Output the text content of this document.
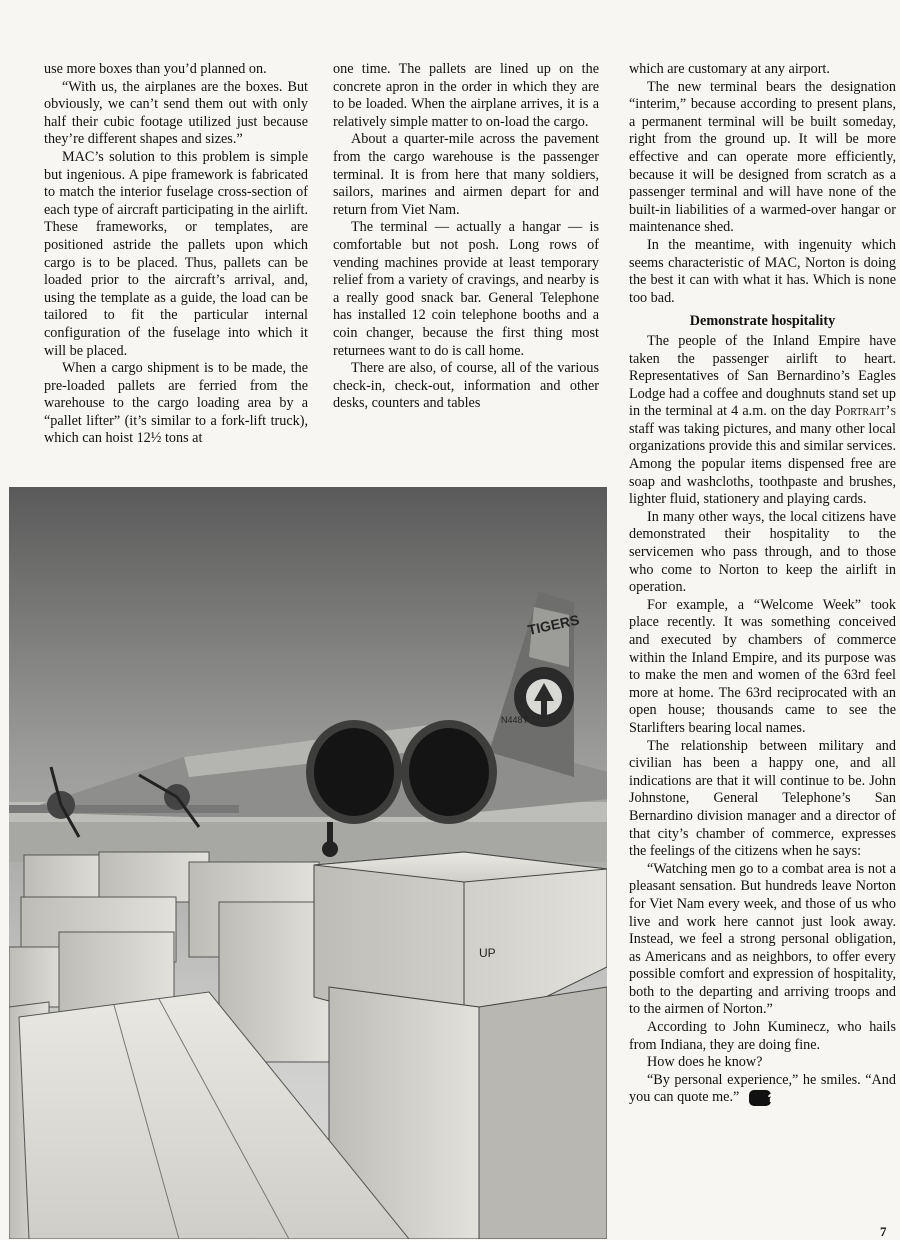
use more boxes than you’d planned on.

“With us, the airplanes are the boxes. But obviously, we can’t send them out with only half their cubic footage utilized just because they’re different shapes and sizes.”

MAC’s solution to this problem is simple but ingenious. A pipe framework is fabricated to match the interior fuselage cross-section of each type of aircraft participating in the airlift. These frameworks, or templates, are positioned astride the pallets upon which cargo is to be placed. Thus, pallets can be loaded prior to the aircraft’s arrival, and, using the template as a guide, the load can be tailored to fit the particular internal configuration of the fuselage into which it will be placed.

When a cargo shipment is to be made, the pre-loaded pallets are ferried from the warehouse to the cargo loading area by a “pallet lifter” (it’s similar to a fork-lift truck), which can hoist 12½ tons at

one time. The pallets are lined up on the concrete apron in the order in which they are to be loaded. When the airplane arrives, it is a relatively simple matter to on-load the cargo.

About a quarter-mile across the pavement from the cargo warehouse is the passenger terminal. It is from here that many soldiers, sailors, marines and airmen depart for and return from Viet Nam.

The terminal — actually a hangar — is comfortable but not posh. Long rows of vending machines provide at least temporary relief from a variety of cravings, and nearby is a really good snack bar. General Telephone has installed 12 coin telephone booths and a coin changer, because the first thing most returnees want to do is call home.

There are also, of course, all of the various check-in, check-out, information and other desks, counters and tables

which are customary at any airport.

The new terminal bears the designation “interim,” because according to present plans, a permanent terminal will be built someday, right from the ground up. It will be more effective and can operate more efficiently, because it will be designed from scratch as a passenger terminal and will have none of the built-in liabilities of a warmed-over hangar or maintenance shed.

In the meantime, with ingenuity which seems characteristic of MAC, Norton is doing the best it can with what it has. Which is none too bad.

Demonstrate hospitality

The people of the Inland Empire have taken the passenger airlift to heart. Representatives of San Bernardino’s Eagles Lodge had a coffee and doughnuts stand set up in the terminal at 4 a.m. on the day Portrait’s staff was taking pictures, and many other local organizations provide this and similar services. Among the popular items dispensed free are soap and washcloths, toothpaste and brushes, lighter fluid, stationery and playing cards.

In many other ways, the local citizens have demonstrated their hospitality to the servicemen who pass through, and to those who come to Norton to keep the airlift in operation.

For example, a “Welcome Week” took place recently. It was something conceived and executed by chambers of commerce within the Inland Empire, and its purpose was to make the men and women of the 63rd feel more at home. The 63rd reciprocated with an open house; thousands came to see the Starlifters bearing local names.

The relationship between military and civilian has been a happy one, and all indications are that it will continue to be. John Johnstone, General Telephone’s San Bernardino division manager and a director of that city’s chamber of commerce, expresses the feelings of the citizens when he says:

“Watching men go to a combat area is not a pleasant sensation. But hundreds leave Norton for Viet Nam every week, and those of us who live and work here cannot just look away. Instead, we feel a strong personal obligation, as Americans and as neighbors, to offer every possible comfort and expression of hospitality, both to the departing and arriving troops and to the airmen of Norton.”

According to John Kuminecz, who hails from Indiana, they are doing fine.

How does he know?

“By personal experience,” he smiles. “And you can quote me.” ☎

TIGERS
N448T
UP
7
